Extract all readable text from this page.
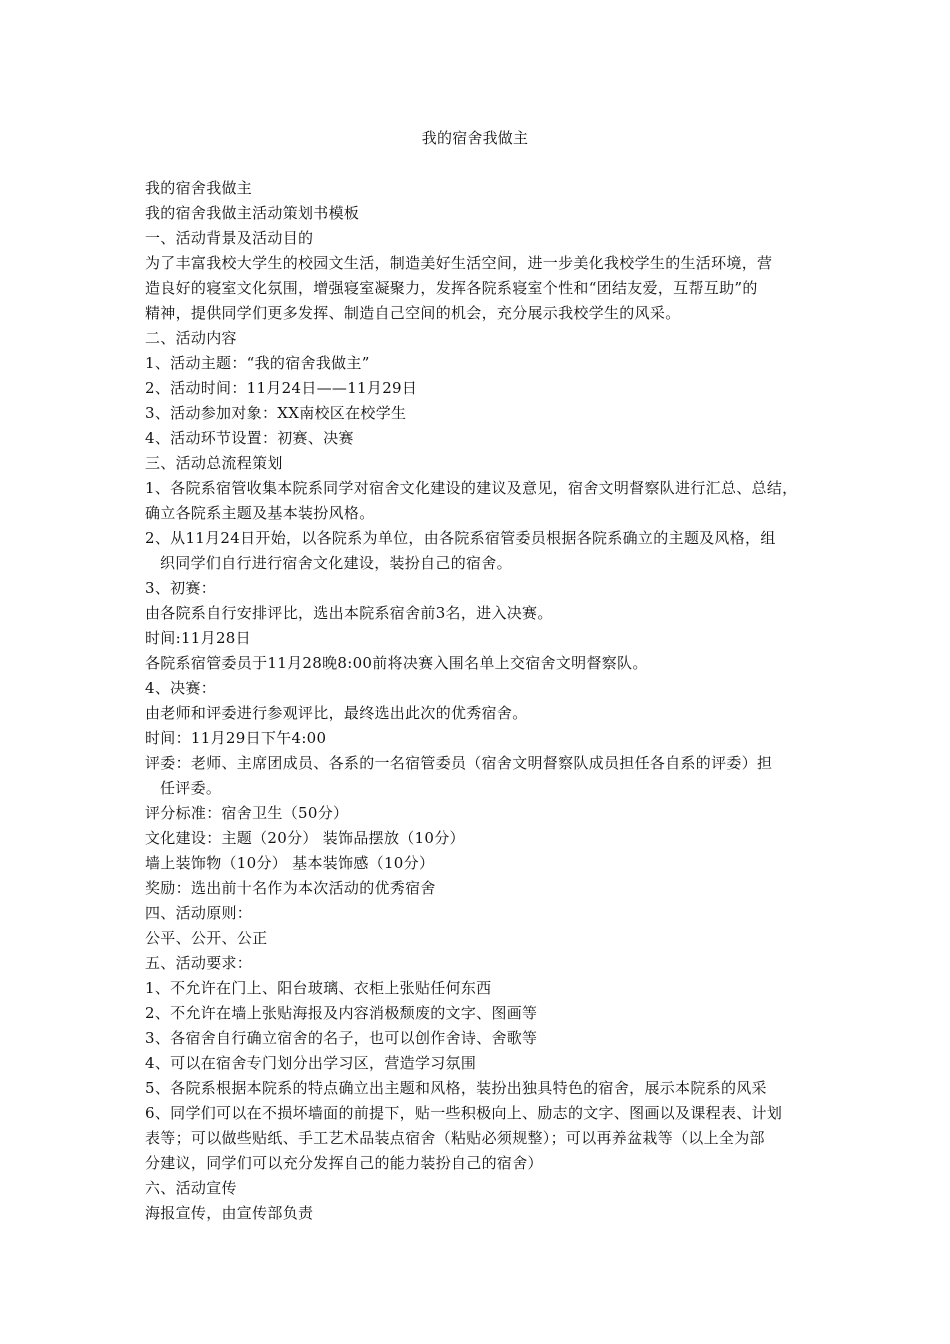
我的宿舍我做主
我的宿舍我做主
我的宿舍我做主活动策划书模板
一、活动背景及活动目的
为了丰富我校大学生的校园文生活，制造美好生活空间，进一步美化我校学生的生活环境，营
造良好的寝室文化氛围，增强寝室凝聚力，发挥各院系寝室个性和“团结友爱，互帮互助”的
精神，提供同学们更多发挥、制造自己空间的机会，充分展示我校学生的风采。
二、活动内容
1、活动主题：“我的宿舍我做主”
2、活动时间：11月24日——11月29日
3、活动参加对象：XX南校区在校学生
4、活动环节设置：初赛、决赛
三、活动总流程策划
1、各院系宿管收集本院系同学对宿舍文化建设的建议及意见，宿舍文明督察队进行汇总、总结，
确立各院系主题及基本装扮风格。
2、从11月24日开始，以各院系为单位，由各院系宿管委员根据各院系确立的主题及风格，组
织同学们自行进行宿舍文化建设，装扮自己的宿舍。
3、初赛：
由各院系自行安排评比，选出本院系宿舍前3名，进入决赛。
时间:11月28日
各院系宿管委员于11月28晚8:00前将决赛入围名单上交宿舍文明督察队。
4、决赛：
由老师和评委进行参观评比，最终选出此次的优秀宿舍。
时间：11月29日下午4:00
评委：老师、主席团成员、各系的一名宿管委员（宿舍文明督察队成员担任各自系的评委）担
任评委。
评分标准：宿舍卫生（50分）
文化建设：主题（20分） 装饰品摆放（10分）
墙上装饰物（10分） 基本装饰感（10分）
奖励：选出前十名作为本次活动的优秀宿舍
四、活动原则：
公平、公开、公正
五、活动要求：
1、不允许在门上、阳台玻璃、衣柜上张贴任何东西
2、不允许在墙上张贴海报及内容消极颓废的文字、图画等
3、各宿舍自行确立宿舍的名子，也可以创作舍诗、舍歌等
4、可以在宿舍专门划分出学习区，营造学习氛围
5、各院系根据本院系的特点确立出主题和风格，装扮出独具特色的宿舍，展示本院系的风采
6、同学们可以在不损坏墙面的前提下，贴一些积极向上、励志的文字、图画以及课程表、计划
表等；可以做些贴纸、手工艺术品装点宿舍（粘贴必须规整）；可以再养盆栽等（以上全为部
分建议，同学们可以充分发挥自己的能力装扮自己的宿舍）
六、活动宣传
海报宣传，由宣传部负责
